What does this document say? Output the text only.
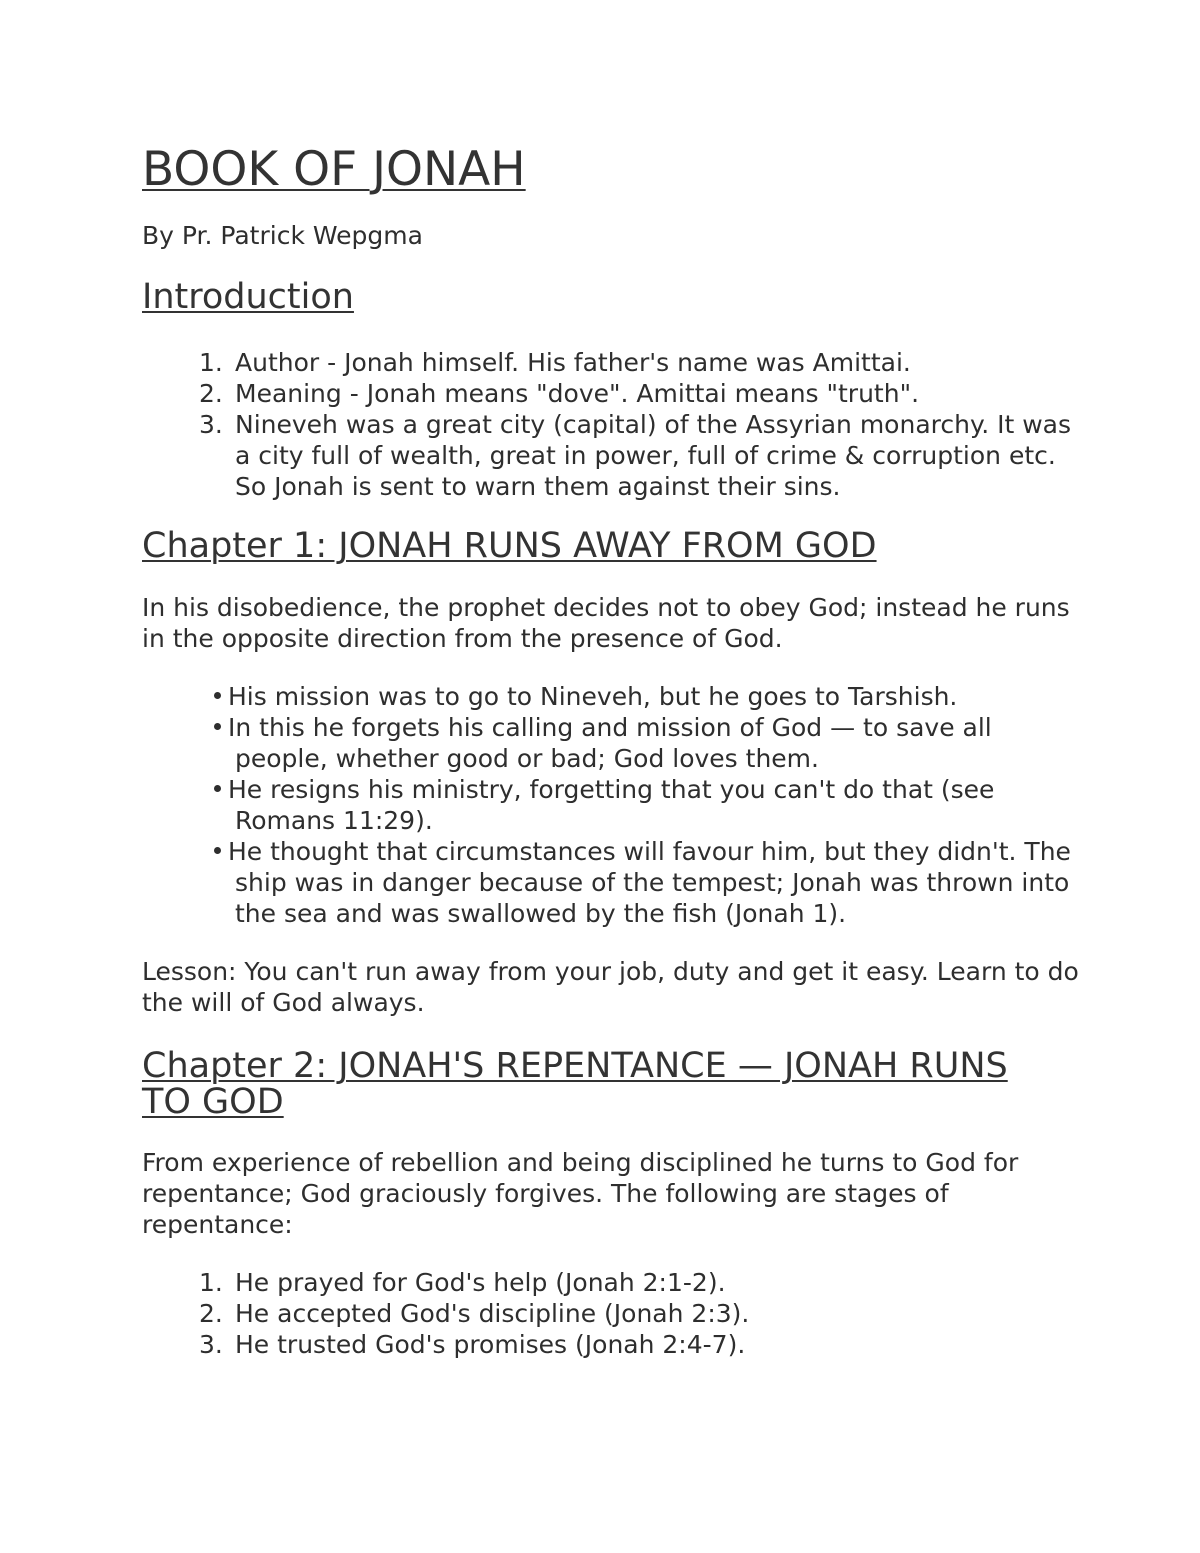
BOOK OF JONAH

By Pr. Patrick Wepgma

Introduction
1. Author - Jonah himself. His father's name was Amittai.
2. Meaning - Jonah means "dove". Amittai means "truth".
3. Nineveh was a great city (capital) of the Assyrian monarchy. It was a city full of wealth, great in power, full of crime & corruption etc. So Jonah is sent to warn them against their sins.
Chapter 1: JONAH RUNS AWAY FROM GOD

In his disobedience, the prophet decides not to obey God; instead he runs in the opposite direction from the presence of God.

His mission was to go to Nineveh, but he goes to Tarshish.
In this he forgets his calling and mission of God — to save all people, whether good or bad; God loves them.
He resigns his ministry, forgetting that you can't do that (see Romans 11:29).
He thought that circumstances will favour him, but they didn't. The ship was in danger because of the tempest; Jonah was thrown into the sea and was swallowed by the fish (Jonah 1).

Lesson: You can't run away from your job, duty and get it easy. Learn to do the will of God always.

Chapter 2: JONAH'S REPENTANCE — JONAH RUNS TO GOD

From experience of rebellion and being disciplined he turns to God for repentance; God graciously forgives. The following are stages of repentance:

1. He prayed for God's help (Jonah 2:1-2).
2. He accepted God's discipline (Jonah 2:3).
3. He trusted God's promises (Jonah 2:4-7).
